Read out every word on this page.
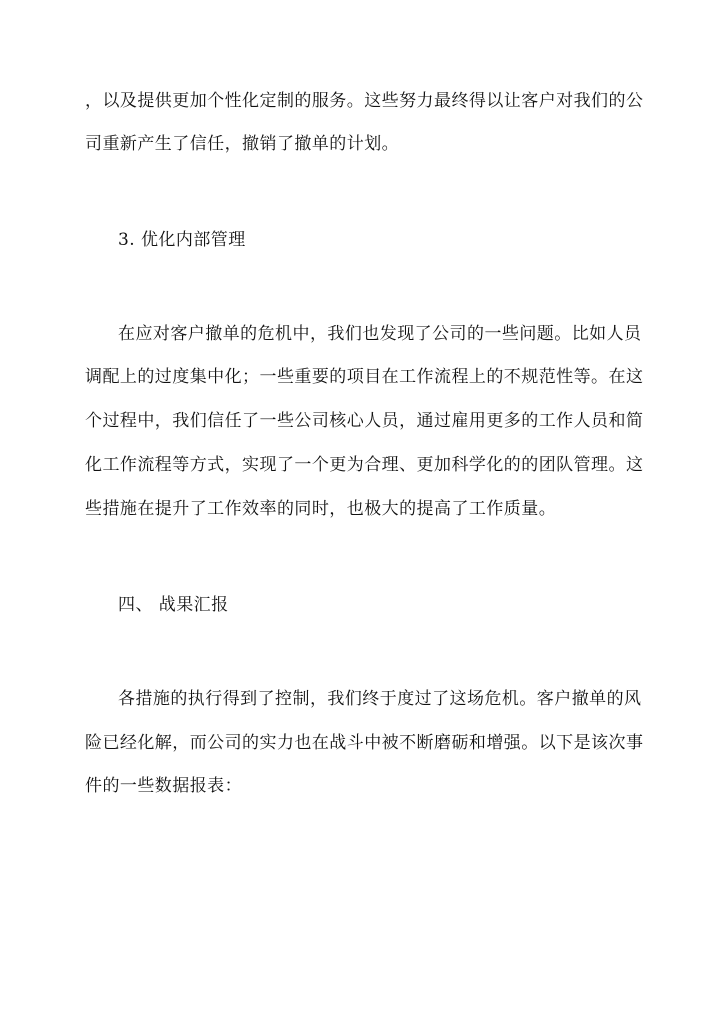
，以及提供更加个性化定制的服务。这些努力最终得以让客户对我们的公
司重新产生了信任，撤销了撤单的计划。
3. 优化内部管理
在应对客户撤单的危机中，我们也发现了公司的一些问题。比如人员
调配上的过度集中化；一些重要的项目在工作流程上的不规范性等。在这
个过程中，我们信任了一些公司核心人员，通过雇用更多的工作人员和简
化工作流程等方式，实现了一个更为合理、更加科学化的的团队管理。这
些措施在提升了工作效率的同时，也极大的提高了工作质量。
四、 战果汇报
各措施的执行得到了控制，我们终于度过了这场危机。客户撤单的风
险已经化解，而公司的实力也在战斗中被不断磨砺和增强。以下是该次事
件的一些数据报表：
